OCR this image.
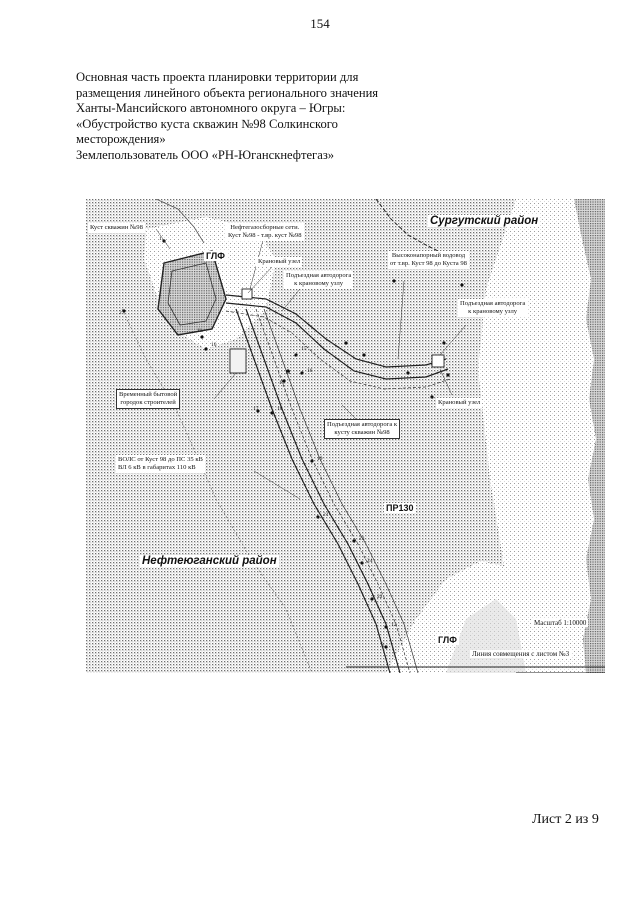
154
Основная часть проекта планировки территории для
размещения линейного объекта регионального значения
Ханты-Мансийского автономного округа – Югры:
«Обустройство куста скважин №98 Солкинского
месторождения»
Землепользователь ООО «РН-Юганскнефтегаз»
Куст скважин №98	Нефтегазосборные сети.
Куст №98 - т.вр. куст №98
ГЛФ
Крановый узел
Подъездная автодорога
к крановому узлу
Сургутский район
Высоконапорный водовод
от т.вр. Куст 98 до Куста 98
Подъездная автодорога
к крановому узлу
Временный бытовой
городок строителей	Крановый узел
Подъездная автодорога к
кусту скважин №98
ВОЛС от Куст 98 до ПС 35 кВ
ВЛ 6 кВ в габаритах 110 кВ
ПР130
Нефтеюганский район
Масштаб 1:10000
ГЛФ
Линия совмещения с листом №3
1
2
10
11
14
13
15
16
17	18
19
21
23
24
22
12
8
Лист 2 из 9
